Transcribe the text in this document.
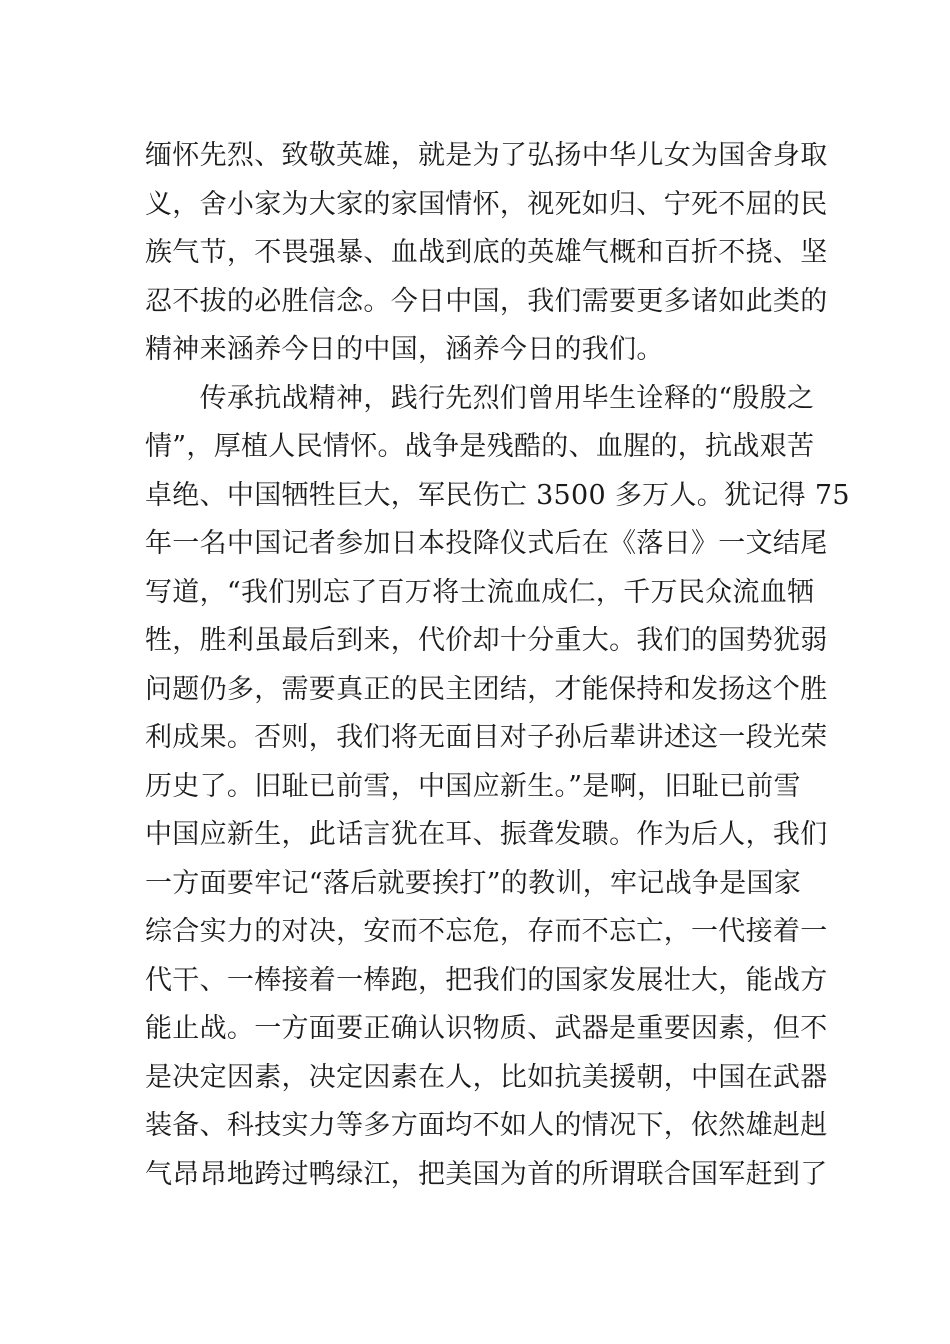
缅怀先烈、致敬英雄，就是为了弘扬中华儿女为国舍身取
义，舍小家为大家的家国情怀，视死如归、宁死不屈的民
族气节，不畏强暴、血战到底的英雄气概和百折不挠、坚
忍不拔的必胜信念。今日中国，我们需要更多诸如此类的
精神来涵养今日的中国，涵养今日的我们。
　　传承抗战精神，践行先烈们曾用毕生诠释的“殷殷之
情”，厚植人民情怀。战争是残酷的、血腥的，抗战艰苦
卓绝、中国牺牲巨大，军民伤亡 3500 多万人。犹记得 75
年一名中国记者参加日本投降仪式后在《落日》一文结尾
写道，“我们别忘了百万将士流血成仁，千万民众流血牺
牲，胜利虽最后到来，代价却十分重大。我们的国势犹弱
问题仍多，需要真正的民主团结，才能保持和发扬这个胜
利成果。否则，我们将无面目对子孙后辈讲述这一段光荣
历史了。旧耻已前雪，中国应新生。”是啊，旧耻已前雪
中国应新生，此话言犹在耳、振聋发聩。作为后人，我们
一方面要牢记“落后就要挨打”的教训，牢记战争是国家
综合实力的对决，安而不忘危，存而不忘亡，一代接着一
代干、一棒接着一棒跑，把我们的国家发展壮大，能战方
能止战。一方面要正确认识物质、武器是重要因素，但不
是决定因素，决定因素在人，比如抗美援朝，中国在武器
装备、科技实力等多方面均不如人的情况下，依然雄赳赳
气昂昂地跨过鸭绿江，把美国为首的所谓联合国军赶到了
